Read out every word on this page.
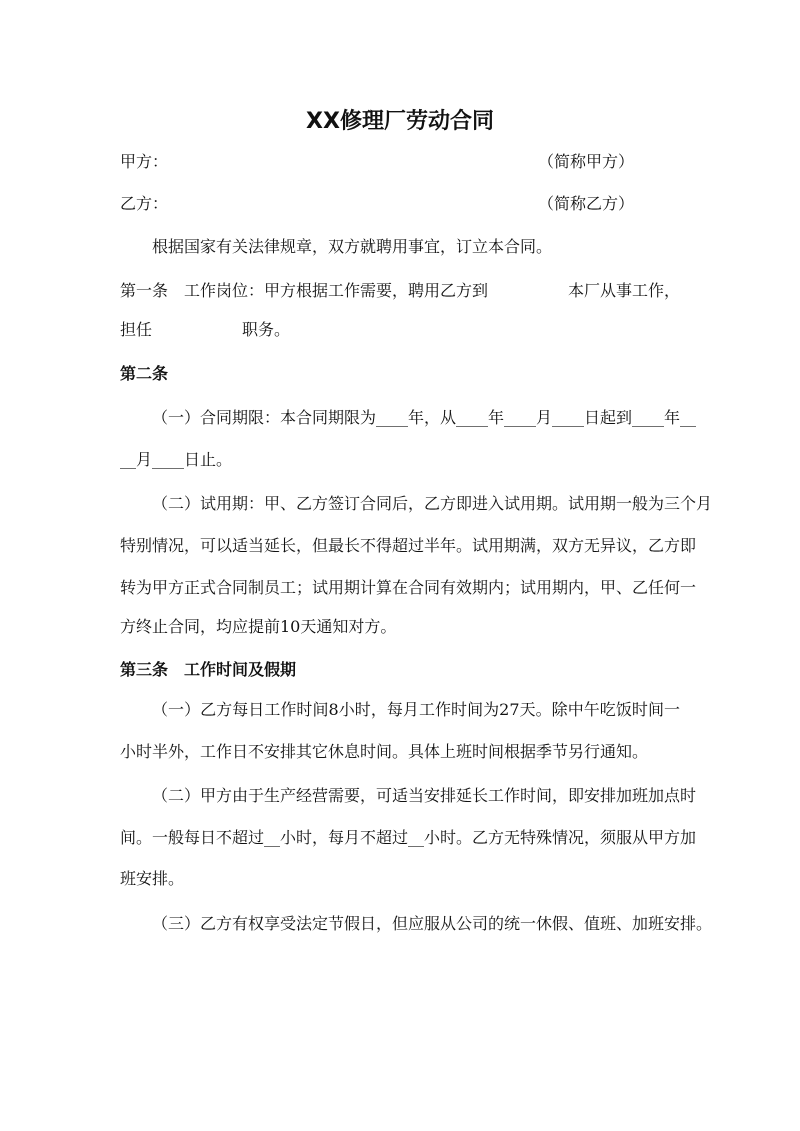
XX修理厂劳动合同
甲方：	（简称甲方）
乙方：	（简称乙方）
根据国家有关法律规章，双方就聘用事宜，订立本合同。
第一条　工作岗位：甲方根据工作需要，聘用乙方到	本厂从事工作，
担任	职务。
第二条
（一）合同期限：本合同期限为____年，从____年____月____日起到____年__
__月____日止。
（二）试用期：甲、乙方签订合同后，乙方即进入试用期。试用期一般为三个月
特别情况，可以适当延长，但最长不得超过半年。试用期满，双方无异议，乙方即
转为甲方正式合同制员工；试用期计算在合同有效期内；试用期内，甲、乙任何一
方终止合同，均应提前10天通知对方。
第三条　工作时间及假期
（一）乙方每日工作时间8小时，每月工作时间为27天。除中午吃饭时间一
小时半外，工作日不安排其它休息时间。具体上班时间根据季节另行通知。
（二）甲方由于生产经营需要，可适当安排延长工作时间，即安排加班加点时
间。一般每日不超过__小时，每月不超过__小时。乙方无特殊情况，须服从甲方加
班安排。
（三）乙方有权享受法定节假日，但应服从公司的统一休假、值班、加班安排。
